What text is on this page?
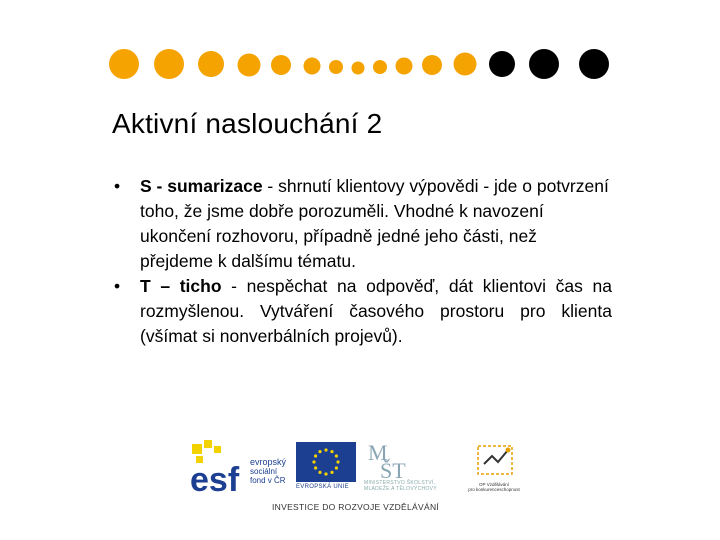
Aktivní naslouchání 2
• S - sumarizace - shrnutí klientovy výpovědi - jde o potvrzení toho, že jsme dobře porozuměli. Vhodné k navození ukončení rozhovoru, případně jedné jeho části, než přejdeme k dalšímu tématu.
• T – ticho - nespěchat na odpověď, dát klientovi čas na rozmyšlenou. Vytváření časového prostoru pro klienta (všímat si nonverbálních projevů).
esf evropský
sociální
fond v ČR
EVROPSKÁ UNIE
M
ŠT
MINISTERSTVO ŠKOLSTVÍ,
MLÁDEŽE A TĚLOVÝCHOVY
OP Vzdělávání
pro konkurenceschopnost
INVESTICE DO ROZVOJE VZDĚLÁVÁNÍ
